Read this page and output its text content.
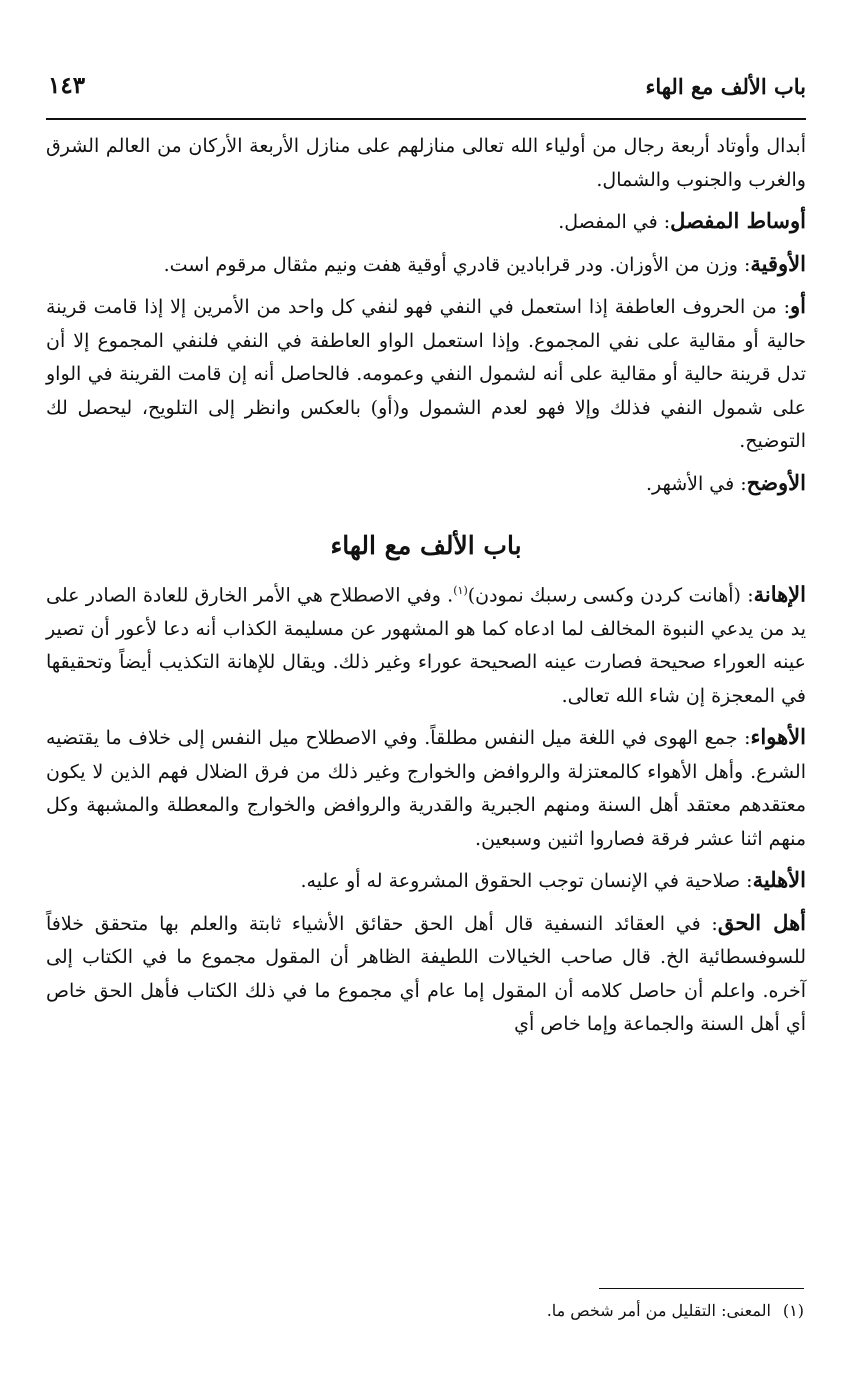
باب الألف مع الهاء
١٤٣

أبدال وأوتاد أربعة رجال من أولياء الله تعالى منازلهم على منازل الأربعة الأركان من العالم الشرق والغرب والجنوب والشمال.

أوساط المفصل: في المفصل.

الأوقية: وزن من الأوزان. ودر قرابادين قادري أوقية هفت ونيم مثقال مرقوم است.

أو: من الحروف العاطفة إذا استعمل في النفي فهو لنفي كل واحد من الأمرين إلا إذا قامت قرينة حالية أو مقالية على نفي المجموع. وإذا استعمل الواو العاطفة في النفي فلنفي المجموع إلا أن تدل قرينة حالية أو مقالية على أنه لشمول النفي وعمومه. فالحاصل أنه إن قامت القرينة في الواو على شمول النفي فذلك وإلا فهو لعدم الشمول و(أو) بالعكس وانظر إلى التلويح، ليحصل لك التوضيح.

الأوضح: في الأشهر.

باب الألف مع الهاء

الإهانة: (أهانت كردن وكسى رسبك نمودن)$^{(١)}$. وفي الاصطلاح هي الأمر الخارق للعادة الصادر على يد من يدعي النبوة المخالف لما ادعاه كما هو المشهور عن مسليمة الكذاب أنه دعا لأعور أن تصير عينه العوراء صحيحة فصارت عينه الصحيحة عوراء وغير ذلك. ويقال للإهانة التكذيب أيضاً وتحقيقها في المعجزة إن شاء الله تعالى.

الأهواء: جمع الهوى في اللغة ميل النفس مطلقاً. وفي الاصطلاح ميل النفس إلى خلاف ما يقتضيه الشرع. وأهل الأهواء كالمعتزلة والروافض والخوارج وغير ذلك من فرق الضلال فهم الذين لا يكون معتقدهم معتقد أهل السنة ومنهم الجبرية والقدرية والروافض والخوارج والمعطلة والمشبهة وكل منهم اثنا عشر فرقة فصاروا اثنين وسبعين.

الأهلية: صلاحية في الإنسان توجب الحقوق المشروعة له أو عليه.

أهل الحق: في العقائد النسفية قال أهل الحق حقائق الأشياء ثابتة والعلم بها متحقق خلافاً للسوفسطائية الخ. قال صاحب الخيالات اللطيفة الظاهر أن المقول مجموع ما في الكتاب إلى آخره. واعلم أن حاصل كلامه أن المقول إما عام أي مجموع ما في ذلك الكتاب فأهل الحق خاص أي أهل السنة والجماعة وإما خاص أي

(١)المعنى: التقليل من أمر شخص ما.
